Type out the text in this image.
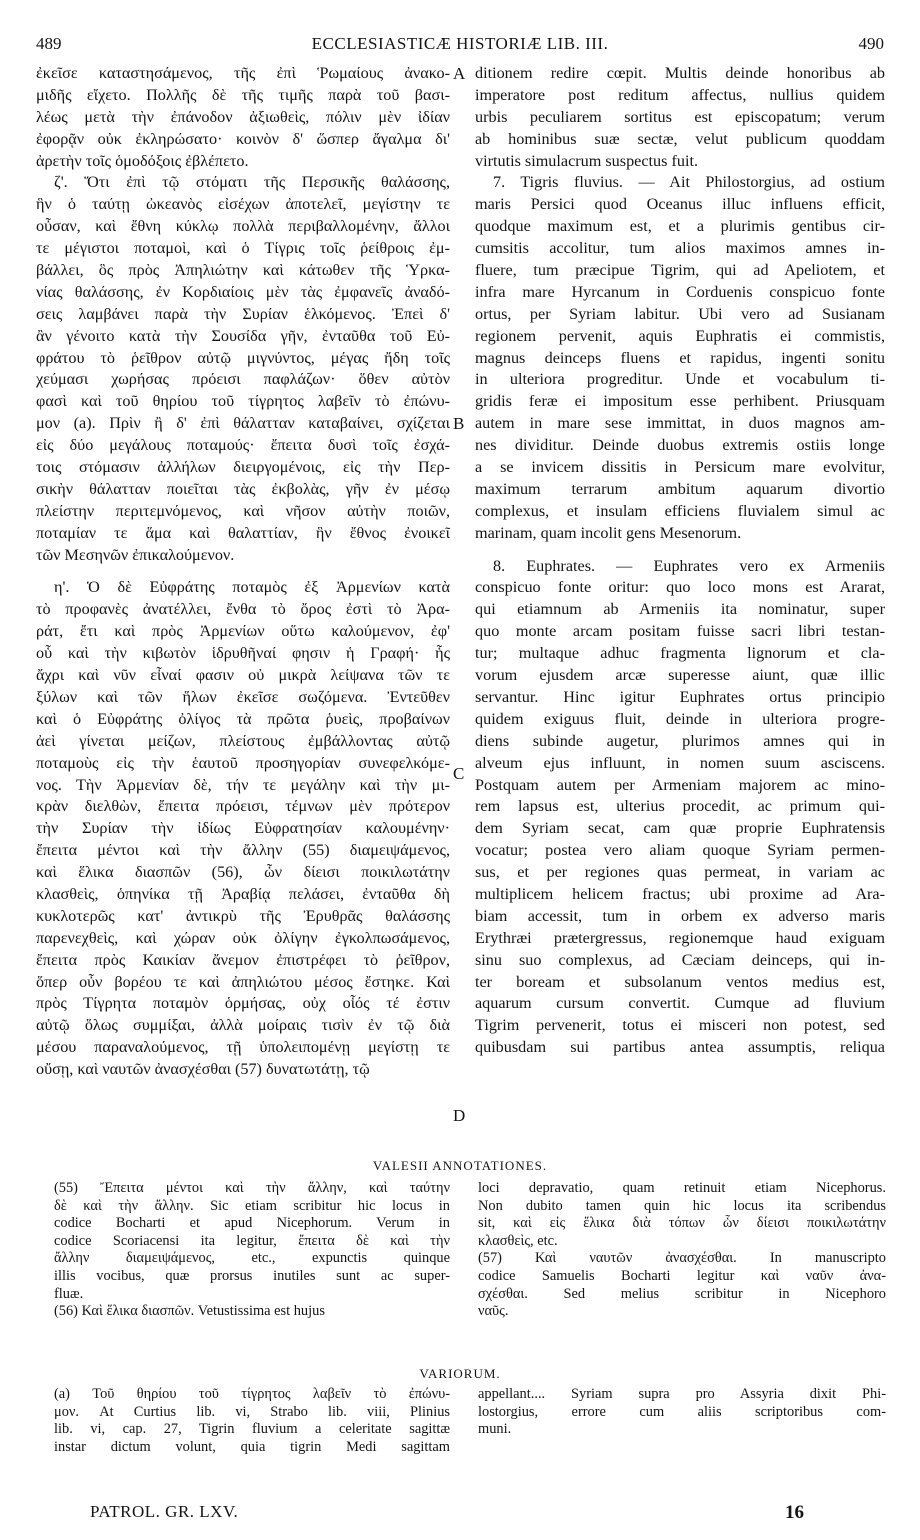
489	ECCLESIASTICÆ HISTORIÆ LIB. III.	490
ἐκεῖσε καταστησάμενος, τῆς ἐπὶ Ῥωμαίους ἀνακο-
μιδῆς εἴχετο. Πολλῆς δὲ τῆς τιμῆς παρὰ τοῦ βασι-
λέως μετὰ τὴν ἐπάνοδον ἀξιωθεὶς, πόλιν μὲν ἰδίαν
ἐφορᾷν οὐκ ἐκληρώσατο· κοινὸν δ' ὥσπερ ἄγαλμα δι'
ἀρετὴν τοῖς ὁμοδόξοις ἐβλέπετο.
ζ'. Ὅτι ἐπὶ τῷ στόματι τῆς Περσικῆς θαλάσσης,
ἣν ὁ ταύτῃ ὠκεανὸς εἰσέχων ἀποτελεῖ, μεγίστην τε
οὖσαν, καὶ ἔθνη κύκλῳ πολλὰ περιβαλλομένην, ἄλλοι
τε μέγιστοι ποταμοὶ, καὶ ὁ Τίγρις τοῖς ῥείθροις ἐμ-
βάλλει, ὃς πρὸς Ἀπηλιώτην καὶ κάτωθεν τῆς Ὑρκα-
νίας θαλάσσης, ἐν Κορδιαίοις μὲν τὰς ἐμφανεῖς ἀναδό-
σεις λαμβάνει παρὰ τὴν Συρίαν ἑλκόμενος. Ἐπεὶ δ'
ἂν γένοιτο κατὰ τὴν Σουσίδα γῆν, ἐνταῦθα τοῦ Εὐ-
φράτου τὸ ῥεῖθρον αὐτῷ μιγνύντος, μέγας ἤδη τοῖς
χεύμασι χωρήσας πρόεισι παφλάζων· ὅθεν αὐτὸν
φασὶ καὶ τοῦ θηρίου τοῦ τίγρητος λαβεῖν τὸ ἐπώνυ-
μον (a). Πρὶν ἢ δ' ἐπὶ θάλατταν καταβαίνει, σχίζεται
εἰς δύο μεγάλους ποταμούς· ἔπειτα δυσὶ τοῖς ἐσχά-
τοις στόμασιν ἀλλήλων διειργομένοις, εἰς τὴν Περ-
σικὴν θάλατταν ποιεῖται τὰς ἐκβολὰς, γῆν ἐν μέσῳ
πλείστην περιτεμνόμενος, καὶ νῆσον αὐτὴν ποιῶν,
ποταμίαν τε ἅμα καὶ θαλαττίαν, ἣν ἔθνος ἐνοικεῖ
τῶν Μεσηνῶν ἐπικαλούμενον.
η'. Ὁ δὲ Εὐφράτης ποταμὸς ἐξ Ἀρμενίων κατὰ
τὸ προφανὲς ἀνατέλλει, ἔνθα τὸ ὄρος ἐστὶ τὸ Ἀρα-
ράτ, ἔτι καὶ πρὸς Ἀρμενίων οὕτω καλούμενον, ἐφ'
οὗ καὶ τὴν κιβωτὸν ἱδρυθῆναί φησιν ἡ Γραφή· ἧς
ἄχρι καὶ νῦν εἶναί φασιν οὐ μικρὰ λείψανα τῶν τε
ξύλων καὶ τῶν ἥλων ἐκεῖσε σωζόμενα. Ἐντεῦθεν
καὶ ὁ Εὐφράτης ὀλίγος τὰ πρῶτα ῥυεὶς, προβαίνων
ἀεὶ γίνεται μείζων, πλείστους ἐμβάλλοντας αὐτῷ
ποταμοὺς εἰς τὴν ἑαυτοῦ προσηγορίαν συνεφελκόμε-
νος. Τὴν Ἀρμενίαν δὲ, τήν τε μεγάλην καὶ τὴν μι-
κρὰν διελθὼν, ἔπειτα πρόεισι, τέμνων μὲν πρότερον
τὴν Συρίαν τὴν ἰδίως Εὐφρατησίαν καλουμένην·
ἔπειτα μέντοι καὶ τὴν ἄλλην (55) διαμειψάμενος,
καὶ ἕλικα διασπῶν (56), ὧν δίεισι ποικιλωτάτην
κλασθεὶς, ὁπηνίκα τῇ Ἀραβίᾳ πελάσει, ἐνταῦθα δὴ
κυκλοτερῶς κατ' ἀντικρὺ τῆς Ἐρυθρᾶς θαλάσσης
παρενεχθεὶς, καὶ χώραν οὐκ ὀλίγην ἐγκολπωσάμενος,
ἔπειτα πρὸς Καικίαν ἄνεμον ἐπιστρέφει τὸ ῥεῖθρον,
ὅπερ οὖν βορέου τε καὶ ἀπηλιώτου μέσος ἔστηκε. Καὶ
πρὸς Τίγρητα ποταμὸν ὁρμήσας, οὐχ οἷός τέ ἐστιν
αὐτῷ ὅλως συμμίξαι, ἀλλὰ μοίραις τισὶν ἐν τῷ διὰ
μέσου παραναλούμενος, τῇ ὑπολειπομένῃ μεγίστῃ τε
οὔσῃ, καὶ ναυτῶν ἀνασχέσθαι (57) δυνατωτάτῃ, τῷ
ditionem redire cœpit. Multis deinde honoribus ab
imperatore post reditum affectus, nullius quidem
urbis peculiarem sortitus est episcopatum; verum
ab hominibus suæ sectæ, velut publicum quoddam
virtutis simulacrum suspectus fuit.
7. Tigris fluvius. — Ait Philostorgius, ad ostium
maris Persici quod Oceanus illuc influens efficit,
quodque maximum est, et a plurimis gentibus cir-
cumsitis accolitur, tum alios maximos amnes in-
fluere, tum præcipue Tigrim, qui ad Apeliotem, et
infra mare Hyrcanum in Corduenis conspicuo fonte
ortus, per Syriam labitur. Ubi vero ad Susianam
regionem pervenit, aquis Euphratis ei commistis,
magnus deinceps fluens et rapidus, ingenti sonitu
in ulteriora progreditur. Unde et vocabulum ti-
gridis feræ ei impositum esse perhibent. Priusquam
autem in mare sese immittat, in duos magnos am-
nes dividitur. Deinde duobus extremis ostiis longe
a se invicem dissitis in Persicum mare evolvitur,
maximum terrarum ambitum aquarum divortio
complexus, et insulam efficiens fluvialem simul ac
marinam, quam incolit gens Mesenorum.
8. Euphrates. — Euphrates vero ex Armeniis
conspicuo fonte oritur: quo loco mons est Ararat,
qui etiamnum ab Armeniis ita nominatur, super
quo monte arcam positam fuisse sacri libri testan-
tur; multaque adhuc fragmenta lignorum et cla-
vorum ejusdem arcæ superesse aiunt, quæ illic
servantur. Hinc igitur Euphrates ortus principio
quidem exiguus fluit, deinde in ulteriora progre-
diens subinde augetur, plurimos amnes qui in
alveum ejus influunt, in nomen suum asciscens.
Postquam autem per Armeniam majorem ac mino-
rem lapsus est, ulterius procedit, ac primum qui-
dem Syriam secat, cam quæ proprie Euphratensis
vocatur; postea vero aliam quoque Syriam permen-
sus, et per regiones quas permeat, in variam ac
multiplicem helicem fractus; ubi proxime ad Ara-
biam accessit, tum in orbem ex adverso maris
Erythræi prætergressus, regionemque haud exiguam
sinu suo complexus, ad Cæciam deinceps, qui in-
ter boream et subsolanum ventos medius est,
aquarum cursum convertit. Cumque ad fluvium
Tigrim pervenerit, totus ei misceri non potest, sed
quibusdam sui partibus antea assumptis, reliqua
A
B
C
D
VALESII ANNOTATIONES.
(55) Ἔπειτα μέντοι καὶ τὴν ἄλλην, καὶ ταύτην
δὲ καὶ τὴν ἄλλην. Sic etiam scribitur hic locus in
codice Bocharti et apud Nicephorum. Verum in
codice Scoriacensi ita legitur, ἔπειτα δὲ καὶ τὴν
ἄλλην διαμειψάμενος, etc., expunctis quinque
illis vocibus, quæ prorsus inutiles sunt ac super-
fluæ.
(56) Καὶ ἕλικα διασπῶν. Vetustissima est hujus
loci depravatio, quam retinuit etiam Nicephorus.
Non dubito tamen quin hic locus ita scribendus
sit, καὶ εἰς ἕλικα διὰ τόπων ὧν δίεισι ποικιλωτάτην
κλασθεὶς, etc.
(57) Καὶ ναυτῶν ἀνασχέσθαι. In manuscripto
codice Samuelis Bocharti legitur καὶ ναῦν ἀνα-
σχέσθαι. Sed melius scribitur in Nicephoro
ναῦς.
VARIORUM.
(a) Τοῦ θηρίου τοῦ τίγρητος λαβεῖν τὸ ἐπώνυ-
μον. At Curtius lib. vi, Strabo lib. viii, Plinius
lib. vi, cap. 27, Tigrin fluvium a celeritate sagittæ
instar dictum volunt, quia tigrin Medi sagittam
appellant.... Syriam supra pro Assyria dixit Phi-
lostorgius, errore cum aliis scriptoribus com-
muni.
PATROL. GR. LXV.	16
